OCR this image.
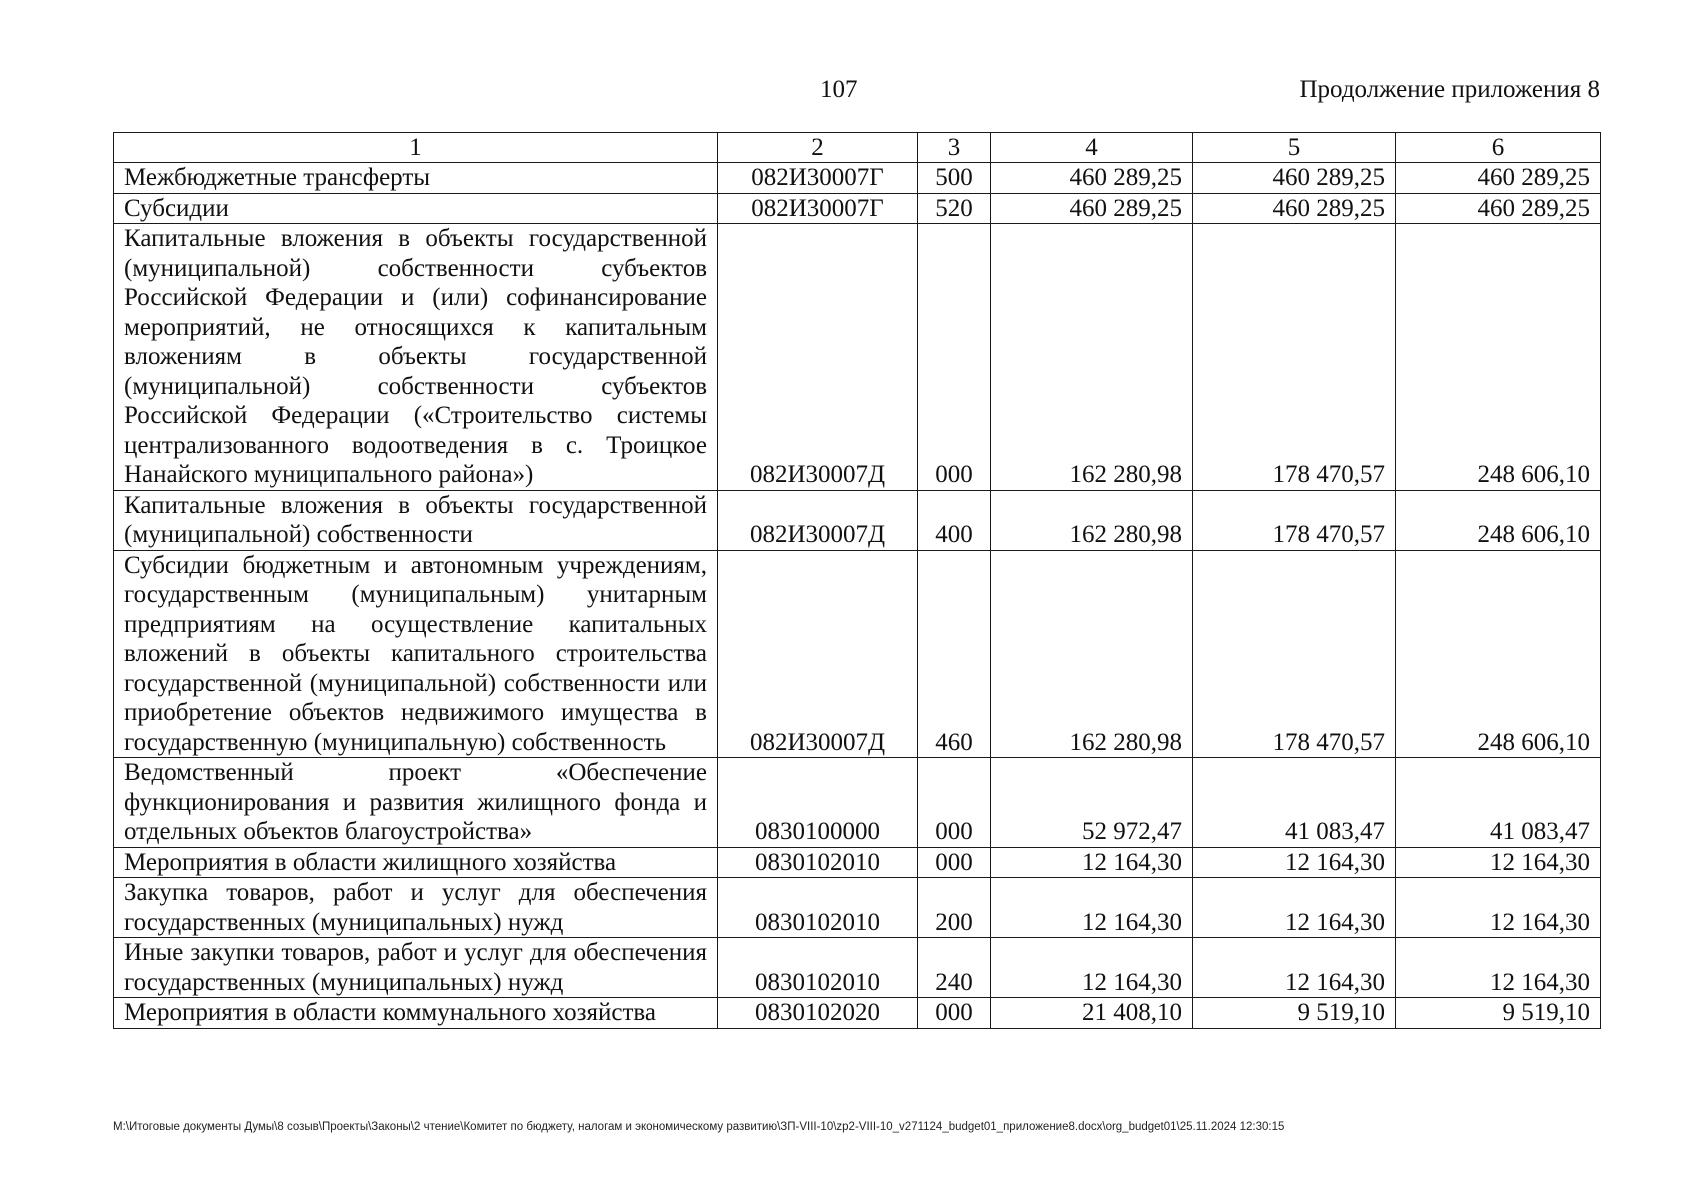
107	Продолжение приложения 8
1	2	3	4	5	6
Межбюджетные трансферты	082И30007Г	500	460 289,25	460 289,25	460 289,25
Субсидии	082И30007Г	520	460 289,25	460 289,25	460 289,25
Капитальные вложения в объекты государственной (муниципальной) собственности субъектов Российской Федерации и (или) софинансирование мероприятий, не относящихся к капитальным вложениям в объекты государственной (муниципальной) собственности субъектов Российской Федерации («Строительство системы централизованного водоотведения в с. Троицкое Нанайского муниципального района»)	082И30007Д	000	162 280,98	178 470,57	248 606,10
Капитальные вложения в объекты государственной (муниципальной) собственности	082И30007Д	400	162 280,98	178 470,57	248 606,10
Субсидии бюджетным и автономным учреждениям, государственным (муниципальным) унитарным предприятиям на осуществление капитальных вложений в объекты капитального строительства государственной (муниципальной) собственности или приобретение объектов недвижимого имущества в государственную (муниципальную) собственность	082И30007Д	460	162 280,98	178 470,57	248 606,10
Ведомственный проект «Обеспечение функционирования и развития жилищного фонда и отдельных объектов благоустройства»	0830100000	000	52 972,47	41 083,47	41 083,47
Мероприятия в области жилищного хозяйства	0830102010	000	12 164,30	12 164,30	12 164,30
Закупка товаров, работ и услуг для обеспечения государственных (муниципальных) нужд	0830102010	200	12 164,30	12 164,30	12 164,30
Иные закупки товаров, работ и услуг для обеспечения государственных (муниципальных) нужд	0830102010	240	12 164,30	12 164,30	12 164,30
Мероприятия в области коммунального хозяйства	0830102020	000	21 408,10	9 519,10	9 519,10
M:\Итоговые документы Думы\8 созыв\Проекты\Законы\2 чтение\Комитет по бюджету, налогам и экономическому развитию\ЗП-VIII-10\zp2-VIII-10_v271124_budget01_приложение8.docx\org_budget01\25.11.2024 12:30:15
